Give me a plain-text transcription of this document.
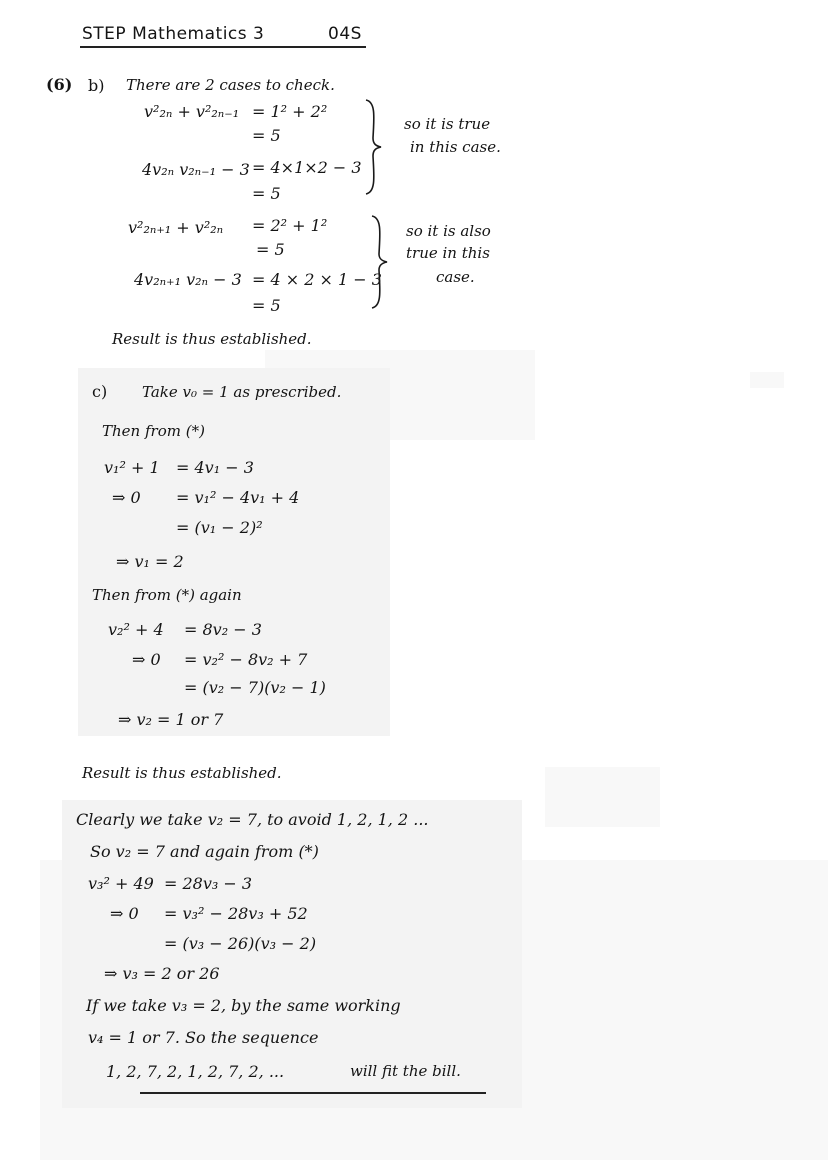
STEP Mathematics 3	04S
(6) b) There are 2 cases to check.
v²₂ₙ + v²₂ₙ₋₁ = 1² + 2²
= 5
4v₂ₙ v₂ₙ₋₁ − 3 = 4×1×2 − 3
= 5
so it is true
in this case.
v²₂ₙ₊₁ + v²₂ₙ = 2² + 1²
= 5
4v₂ₙ₊₁ v₂ₙ − 3 = 4 × 2 × 1 − 3
= 5
so it is also
true in this
case.
Result is thus established.
c) Take v₀ = 1 as prescribed.
Then from (*)
v₁² + 1 = 4v₁ − 3
⇒ 0 = v₁² − 4v₁ + 4
= (v₁ − 2)²
⇒ v₁ = 2
Then from (*) again
v₂² + 4 = 8v₂ − 3
⇒ 0 = v₂² − 8v₂ + 7
= (v₂ − 7)(v₂ − 1)
⇒ v₂ = 1 or 7
Result is thus established.
Clearly we take v₂ = 7, to avoid 1, 2, 1, 2 ...
So v₂ = 7 and again from (*)
v₃² + 49 = 28v₃ − 3
⇒ 0 = v₃² − 28v₃ + 52
= (v₃ − 26)(v₃ − 2)
⇒ v₃ = 2 or 26
If we take v₃ = 2, by the same working
v₄ = 1 or 7. So the sequence
1, 2, 7, 2, 1, 2, 7, 2, ...	will fit the bill.
